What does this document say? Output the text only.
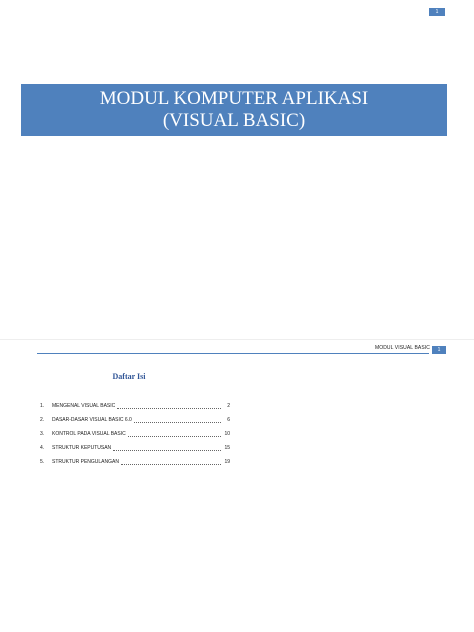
1
MODUL KOMPUTER APLIKASI
(VISUAL BASIC)
MODUL VISUAL BASIC	1
Daftar Isi
1.	MENGENAL VISUAL BASIC	2
2.	DASAR-DASAR VISUAL BASIC 6.0	6
3.	KONTROL PADA VISUAL BASIC	10
4.	STRUKTUR KEPUTUSAN	15
5.	STRUKTUR PENGULANGAN	19
